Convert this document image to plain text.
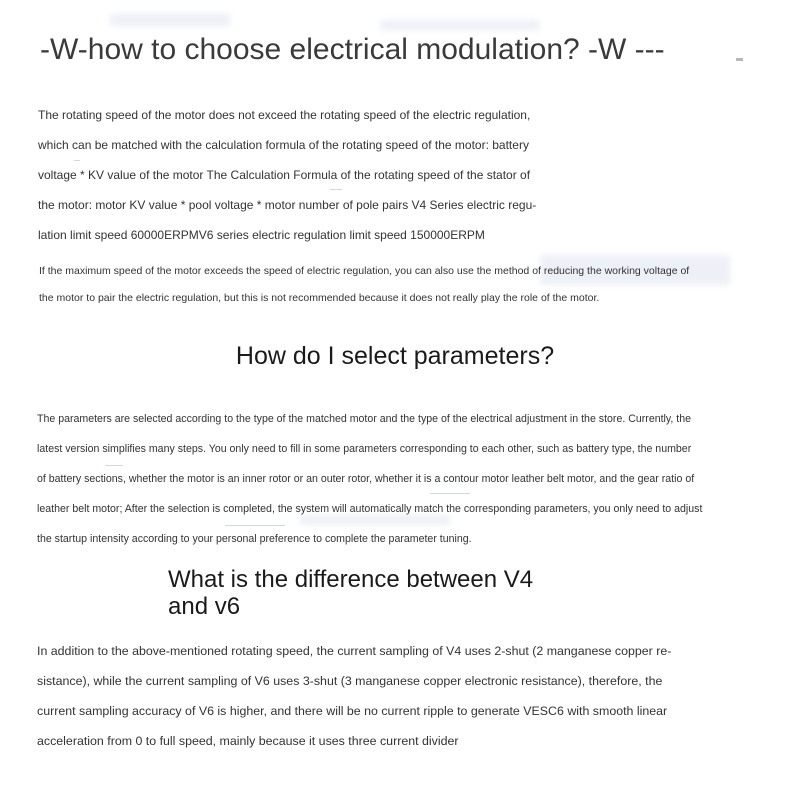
-W-how to choose electrical modulation? -W ---
The rotating speed of the motor does not exceed the rotating speed of the electric regulation,
which can be matched with the calculation formula of the rotating speed of the motor: battery
voltage * KV value of the motor The Calculation Formula of the rotating speed of the stator of
the motor: motor KV value * pool voltage * motor number of pole pairs V4 Series electric regu-
lation limit speed 60000ERPMV6 series electric regulation limit speed 150000ERPM
If the maximum speed of the motor exceeds the speed of electric regulation, you can also use the method of reducing the working voltage of
the motor to pair the electric regulation, but this is not recommended because it does not really play the role of the motor.
How do I select parameters?
The parameters are selected according to the type of the matched motor and the type of the electrical adjustment in the store. Currently, the
latest version simplifies many steps. You only need to fill in some parameters corresponding to each other, such as battery type, the number
of battery sections, whether the motor is an inner rotor or an outer rotor, whether it is a contour motor leather belt motor, and the gear ratio of
leather belt motor; After the selection is completed, the system will automatically match the corresponding parameters, you only need to adjust
the startup intensity according to your personal preference to complete the parameter tuning.
What is the difference between V4
and v6
In addition to the above-mentioned rotating speed, the current sampling of V4 uses 2-shut (2 manganese copper re-
sistance), while the current sampling of V6 uses 3-shut (3 manganese copper electronic resistance), therefore, the
current sampling accuracy of V6 is higher, and there will be no current ripple to generate VESC6 with smooth linear
acceleration from 0 to full speed, mainly because it uses three current divider
